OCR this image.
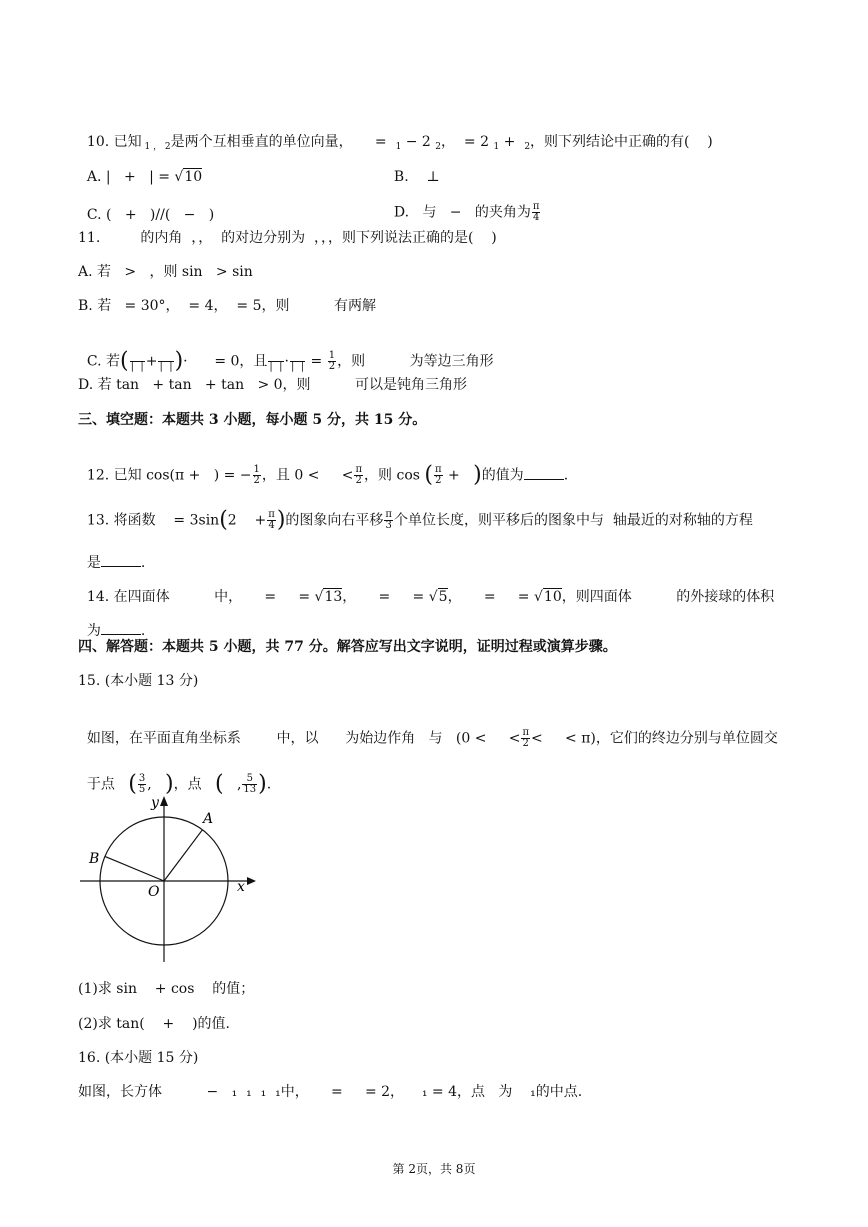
10. 已知 $_{1 , 2}$是两个互相垂直的单位向量，     =  $_1$ − 2 $_2$，  = 2 $_1$ +  $_2$，则下列结论中正确的有(    )

A. |   +   | = √10	B. ⊥

C. (   +   )//(   −   )	D. 与   −   的夹角为 $\frac{\pi}{4}$

11.         的内角  ，，  的对边分别为  ，，，则下列说法正确的是(    )
A. 若   >   ，则 sin   > sin
B. 若   = 30°，  = 4，  = 5，则          有两解

C. 若(
|  | +
|  | )·      = 0，且
|  | ·
|  | = $\frac{1}{2}$ ，则          为等边三角形

D. 若 tan   + tan   + tan   > 0，则          可以是钝角三角形
三、填空题：本题共 3 小题，每小题 5 分，共 15 分。

12. 已知 cos(π +   ) = − $\frac{1}{2}$ ，且 0 <     < $\frac{\pi}{2}$ ，则 cos ( $\frac{\pi}{2}$ +   )的值为	.

13. 将函数    = 3sin(2    + $\frac{\pi}{4}$ )的图象向右平移 $\frac{\pi}{3}$ 个单位长度，则平移后的图象中与  轴最近的对称轴的方程

是	.

14. 在四面体          中，     =     = √13，     =     = √5，     =     = √10，则四面体          的外接球的体积

为	.

四、解答题：本题共 5 小题，共 77 分。解答应写出文字说明，证明过程或演算步骤。
15. (本小题 13 分)

如图，在平面直角坐标系        中，以      为始边作角   与   (0 <     < $\frac{\pi}{2}$ <     < π)，它们的终边分别与单位圆交

于点 ( $\frac{3}{5}$ ,   )，点 (   , $\frac{5}{13}$ ).

y
x
A
B
O
(1)求 sin    + cos    的值；
(2)求 tan(    +    )的值.
16. (本小题 15 分)
如图，长方体          −   ₁  ₁  ₁  ₁中，     =     = 2，    ₁ = 4，点   为    ₁的中点.
第 2页，共 8页
